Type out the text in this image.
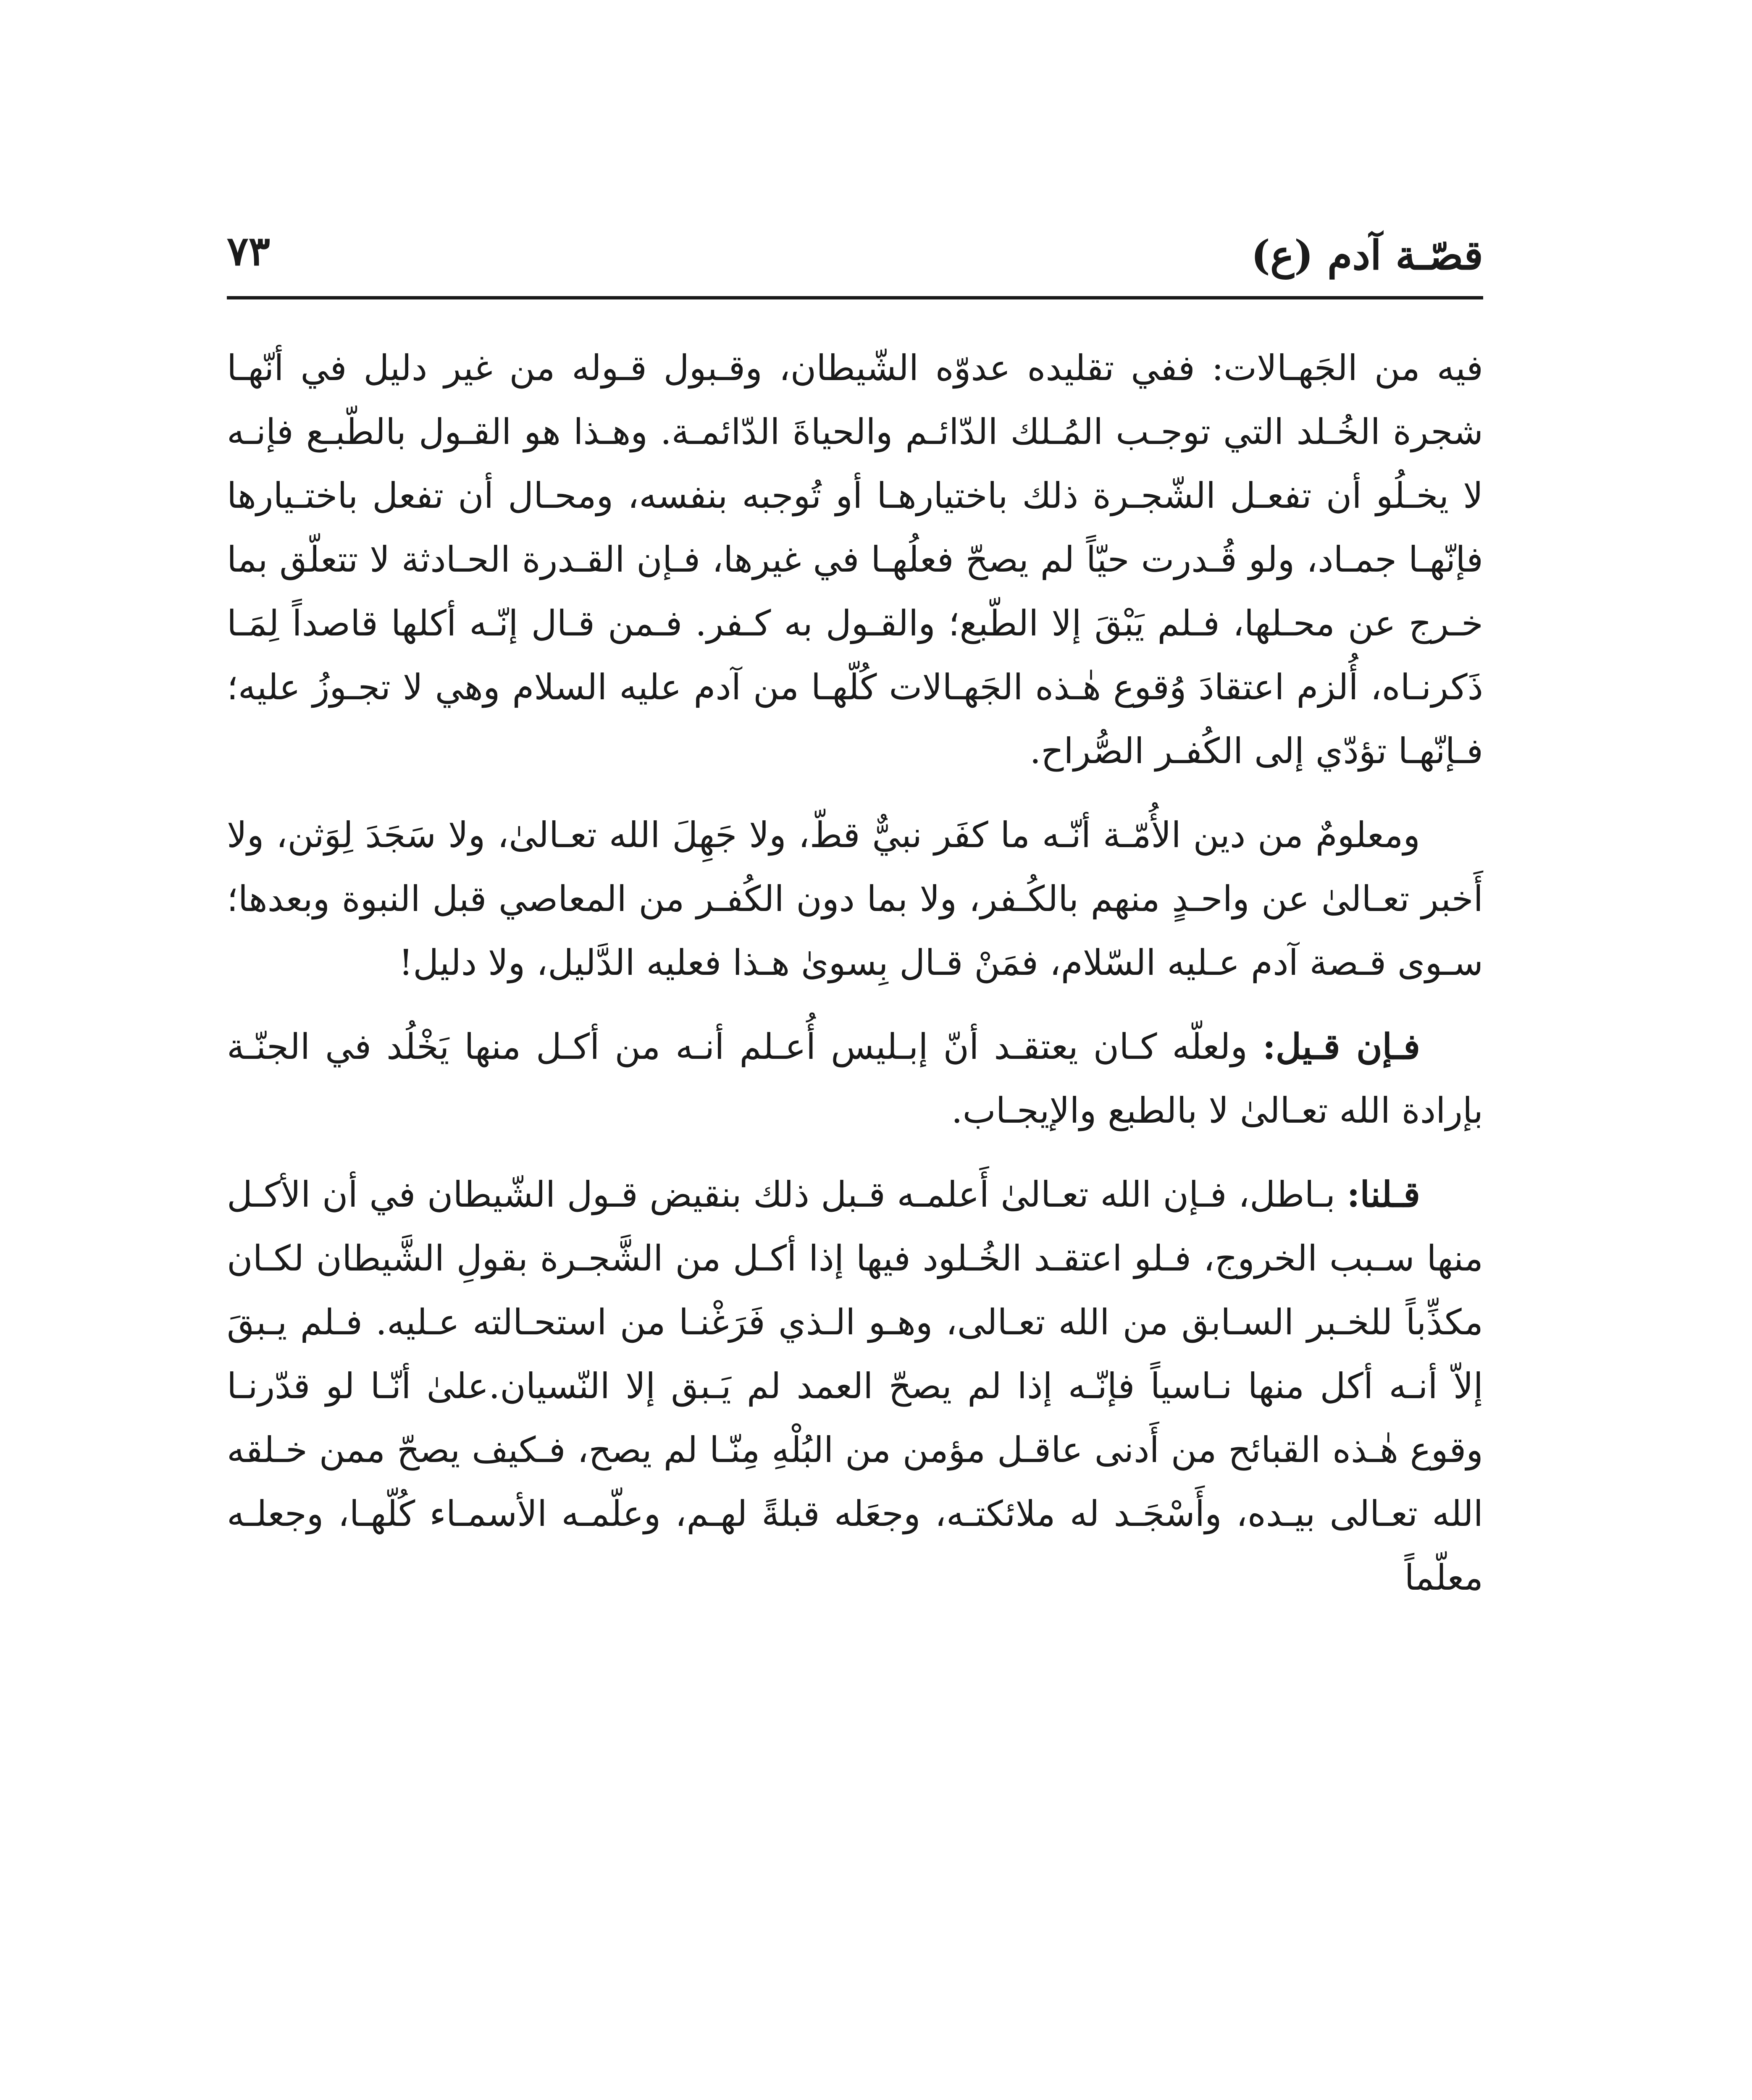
قصّـة آدم (ع)
٧٣

فيه من الجَهـالات: ففي تقليده عدوّه الشّيطان، وقـبول قـوله من غير دليل في أنّهـا شجرة الخُـلد التي توجـب المُـلك الدّائـم والحياةَ الدّائمـة. وهـذا هو القـول بالطّبـع فإنـه لا يخـلُو أن تفعـل الشّجـرة ذلك باختيارهـا أو تُوجبه بنفسه، ومحـال أن تفعل باختـيارها فإنّهـا جمـاد، ولو قُـدرت حيّاً لم يصحّ فعلُهـا في غيرها، فـإن القـدرة الحـادثة لا تتعلّق بما خـرج عن محـلها، فـلم يَبْقَ إلا الطّبع؛ والقـول به كـفر. فـمن قـال إنّـه أكلها قاصداً لِمَـا ذَكرنـاه، أُلزم اعتقادَ وُقوع هٰـذه الجَهـالات كُلّهـا من آدم عليه السلام وهي لا تجـوزُ عليه؛ فـإنّهـا تؤدّي إلى الكُفـر الصُّراح.

ومعلومٌ من دين الأُمّـة أنّـه ما كفَر نبيٌّ قطّ، ولا جَهِلَ الله تعـالىٰ، ولا سَجَدَ لِوَثن، ولا أَخبر تعـالىٰ عن واحـدٍ منهم بالكُـفر، ولا بما دون الكُفـر من المعاصي قبل النبوة وبعدها؛ سـوى قـصة آدم عـليه السّلام، فمَنْ قـال بِسوىٰ هـذا فعليه الدَّليل، ولا دليل!

فـإن قـيل: ولعلّه كـان يعتقـد أنّ إبـليس أُعـلم أنـه من أكـل منها يَخْلُد في الجنّـة بإرادة الله تعـالىٰ لا بالطبع والإيجـاب.

قـلنا: بـاطل، فـإن الله تعـالىٰ أَعلمـه قـبل ذلك بنقيض قـول الشّيطان في أن الأكـل منها سـبب الخروج، فـلو اعتقـد الخُـلود فيها إذا أكـل من الشَّجـرة بقولِ الشَّيطان لكـان مكذِّباً للخـبر السـابق من الله تعـالى، وهـو الـذي فَرَغْنـا من استحـالته عـليه. فـلم يـبقَ إلاّ أنـه أكل منها نـاسياً فإنّـه إذا لم يصحّ العمد لم يَـبق إلا النّسيان.علىٰ أنّـا لو قدّرنـا وقوع هٰـذه القبائح من أَدنى عاقـل مؤمن من البُلْهِ مِنّـا لم يصح، فـكيف يصحّ ممن خـلقه الله تعـالى بيـده، وأَسْجَـد له ملائكتـه، وجعَله قبلةً لهـم، وعلّمـه الأسمـاء كُلّهـا، وجعلـه معلّماً
